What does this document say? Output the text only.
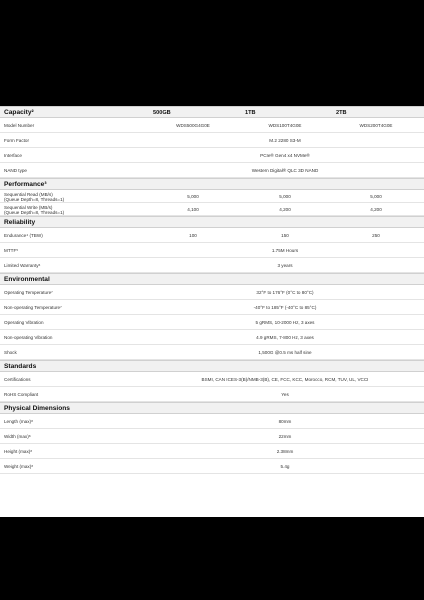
Capacity²	500GB	1TB	2TB
Model Number	WDS500G4G0E	WDS100T4G0E	WDS200T4G0E
Form Factor	M.2 2280 S3-M
Interface	PCIe® Gen4 x4 NVMe®
NAND type	Western Digital® QLC 3D NAND
Performance³
Sequential Read (MB/s)
(Queue Depth=8, Threads=1)	5,000	5,000	5,000
Sequential Write (MB/s)
(Queue Depth=8, Threads=1)	4,100	4,200	4,200
Reliability
Endurance⁴ (TBW)	100	150	250
MTTF⁵	1.75M Hours
Limited Warranty⁶	3 years
Environmental
Operating Temperature⁷	32°F to 176°F (0°C to 80°C)
Non-operating Temperature⁷	-40°F to 185°F (-40°C to 85°C)
Operating Vibration	5 gRMS, 10-2000 Hz, 3 axes
Non-operating Vibration	4.9 gRMS, 7-800 Hz, 3 axes
Shock	1,500G @0.5 ms half sine
Standards
Certifications	BSMI, CAN ICES-3(B)/NMB-3(B), CE, FCC, KCC, Morocco, RCM, TUV, UL, VCCI
RoHS Compliant	Yes
Physical Dimensions
Length (max)⁸	80mm
Width (max)⁸	22mm
Height (max)⁸	2.38mm
Weight (max)⁸	5.4g
